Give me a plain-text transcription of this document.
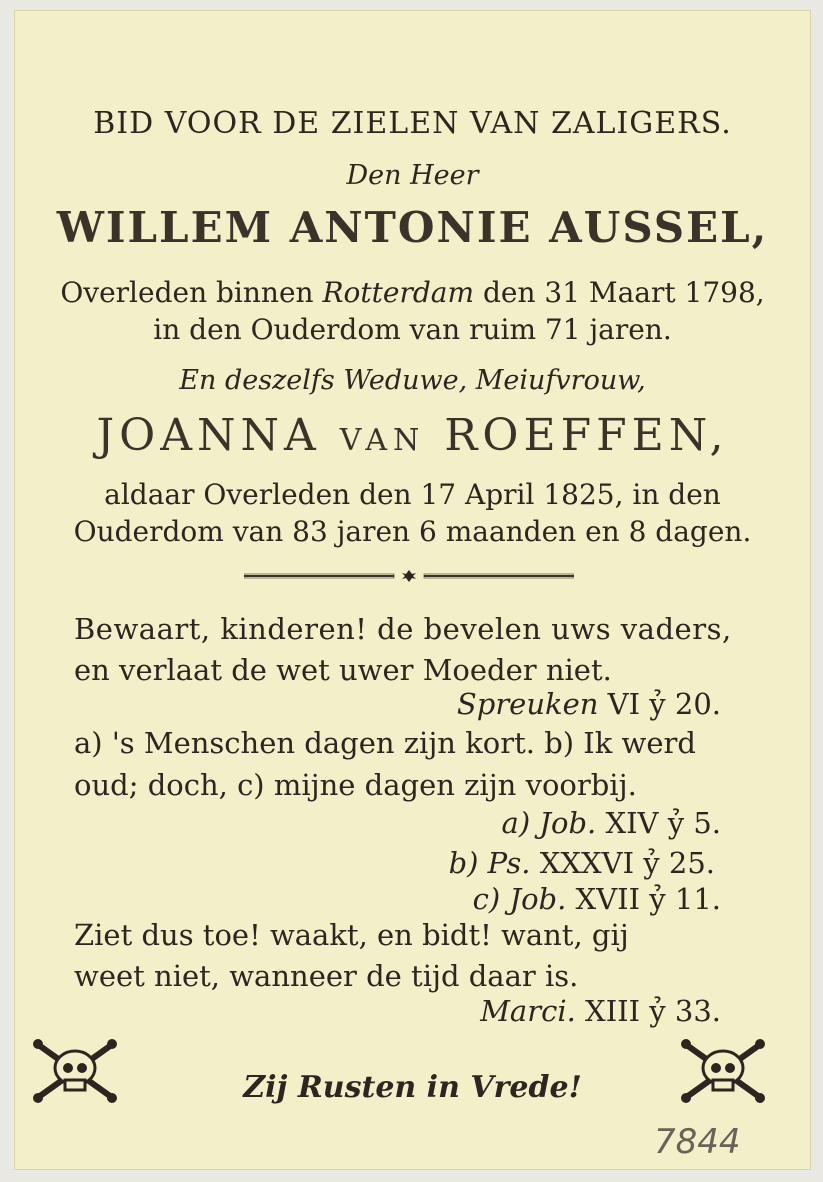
BID VOOR DE ZIELEN VAN ZALIGERS.
Den Heer
WILLEM ANTONIE AUSSEL,
Overleden binnen Rotterdam den 31 Maart 1798,
in den Ouderdom van ruim 71 jaren.
En deszelfs Weduwe, Meiufvrouw,
JOANNA VAN ROEFFEN,
aldaar Overleden den 17 April 1825, in den
Ouderdom van 83 jaren 6 maanden en 8 dagen.
Bewaart, kinderen! de bevelen uws vaders,
en verlaat de wet uwer Moeder niet.
Spreuken VI ỷ 20.
a) 's Menschen dagen zijn kort. b) Ik werd
oud; doch, c) mijne dagen zijn voorbij.
a) Job. XIV ỷ 5.
b) Ps. XXXVI ỷ 25.
c) Job. XVII ỷ 11.
Ziet dus toe! waakt, en bidt! want, gij
weet niet, wanneer de tijd daar is.
Marci. XIII ỷ 33.
Zij Rusten in Vrede!
7844
